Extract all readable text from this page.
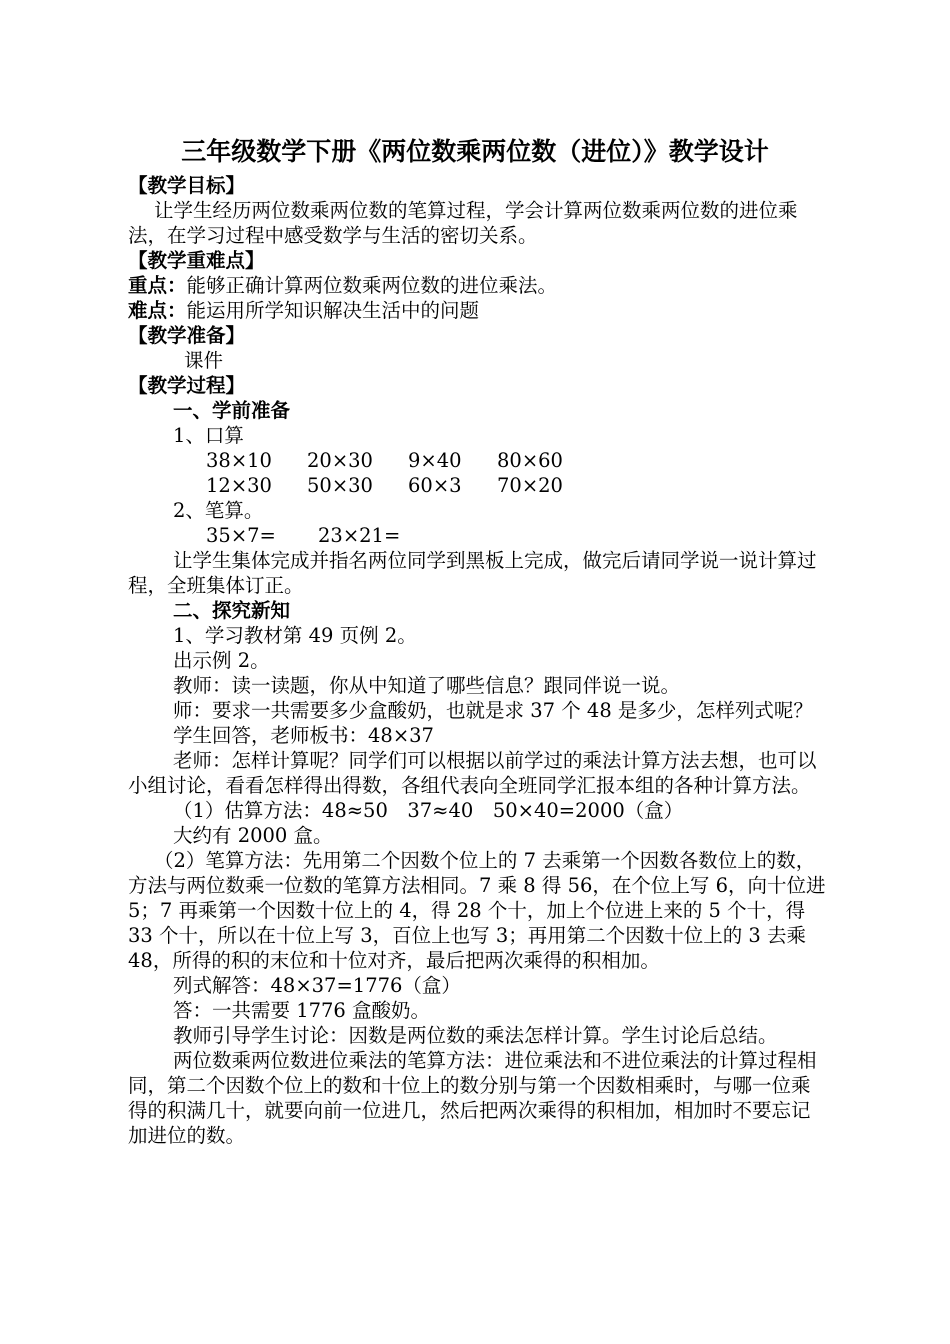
三年级数学下册《两位数乘两位数（进位）》教学设计
【教学目标】
让学生经历两位数乘两位数的笔算过程，学会计算两位数乘两位数的进位乘法，在学习过程中感受数学与生活的密切关系。
【教学重难点】
重点：能够正确计算两位数乘两位数的进位乘法。
难点：能运用所学知识解决生活中的问题
【教学准备】
课件
【教学过程】
一、学前准备
1、口算
38×10 20×30 9×40 80×60
12×30 50×30 60×3 70×20
2、笔算。
35×7= 23×21=
让学生集体完成并指名两位同学到黑板上完成，做完后请同学说一说计算过程，全班集体订正。
二、探究新知
1、学习教材第 49 页例 2。
出示例 2。
教师：读一读题，你从中知道了哪些信息？跟同伴说一说。
师：要求一共需要多少盒酸奶，也就是求 37 个 48 是多少，怎样列式呢？
学生回答，老师板书：48×37
老师：怎样计算呢？同学们可以根据以前学过的乘法计算方法去想，也可以小组讨论，看看怎样得出得数，各组代表向全班同学汇报本组的各种计算方法。
（1）估算方法：48≈50　37≈40　50×40=2000（盒）
大约有 2000 盒。
（2）笔算方法：先用第二个因数个位上的 7 去乘第一个因数各数位上的数，方法与两位数乘一位数的笔算方法相同。7 乘 8 得 56，在个位上写 6，向十位进 5；7 再乘第一个因数十位上的 4，得 28 个十，加上个位进上来的 5 个十，得 33 个十，所以在十位上写 3，百位上也写 3；再用第二个因数十位上的 3 去乘 48，所得的积的末位和十位对齐，最后把两次乘得的积相加。
列式解答：48×37=1776（盒）
答：一共需要 1776 盒酸奶。
教师引导学生讨论：因数是两位数的乘法怎样计算。学生讨论后总结。
两位数乘两位数进位乘法的笔算方法：进位乘法和不进位乘法的计算过程相同，第二个因数个位上的数和十位上的数分别与第一个因数相乘时，与哪一位乘得的积满几十，就要向前一位进几，然后把两次乘得的积相加，相加时不要忘记加进位的数。
